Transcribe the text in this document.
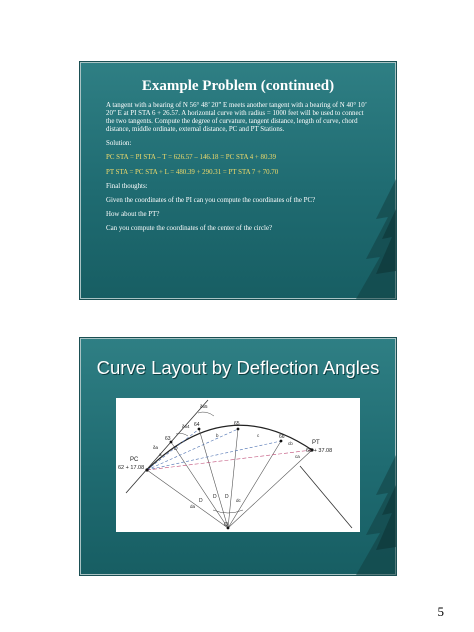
Example Problem (continued)

A tangent with a bearing of N 56° 48’ 20” E meets another tangent with a bearing of N 40° 10’ 20” E at PI STA 6 + 26.57. A horizontal curve with radius = 1000 feet will be used to connect the two tangents. Compute the degree of curvature, tangent distance, length of curve, chord distance, middle ordinate, external distance, PC and PT Stations.

Solution:

PC STA = PI STA – T = 626.57 – 146.18 = PC STA 4 + 80.39

PT STA = PC STA + L = 480.39 + 290.31 = PT STA 7 + 70.70

Final thoughts:

Given the coordinates of the PI can you compute the coordinates of the PC?

How about the PT?

Can you compute the coordinates of the center of the circle?

Curve Layout by Deflection Angles
PC
62 + 17.08
PT
66 + 37.08
63
64	65
66
δ65
δ64
δa
a
b	c
D
D
D D
dc
da
ca
cb
O
5
